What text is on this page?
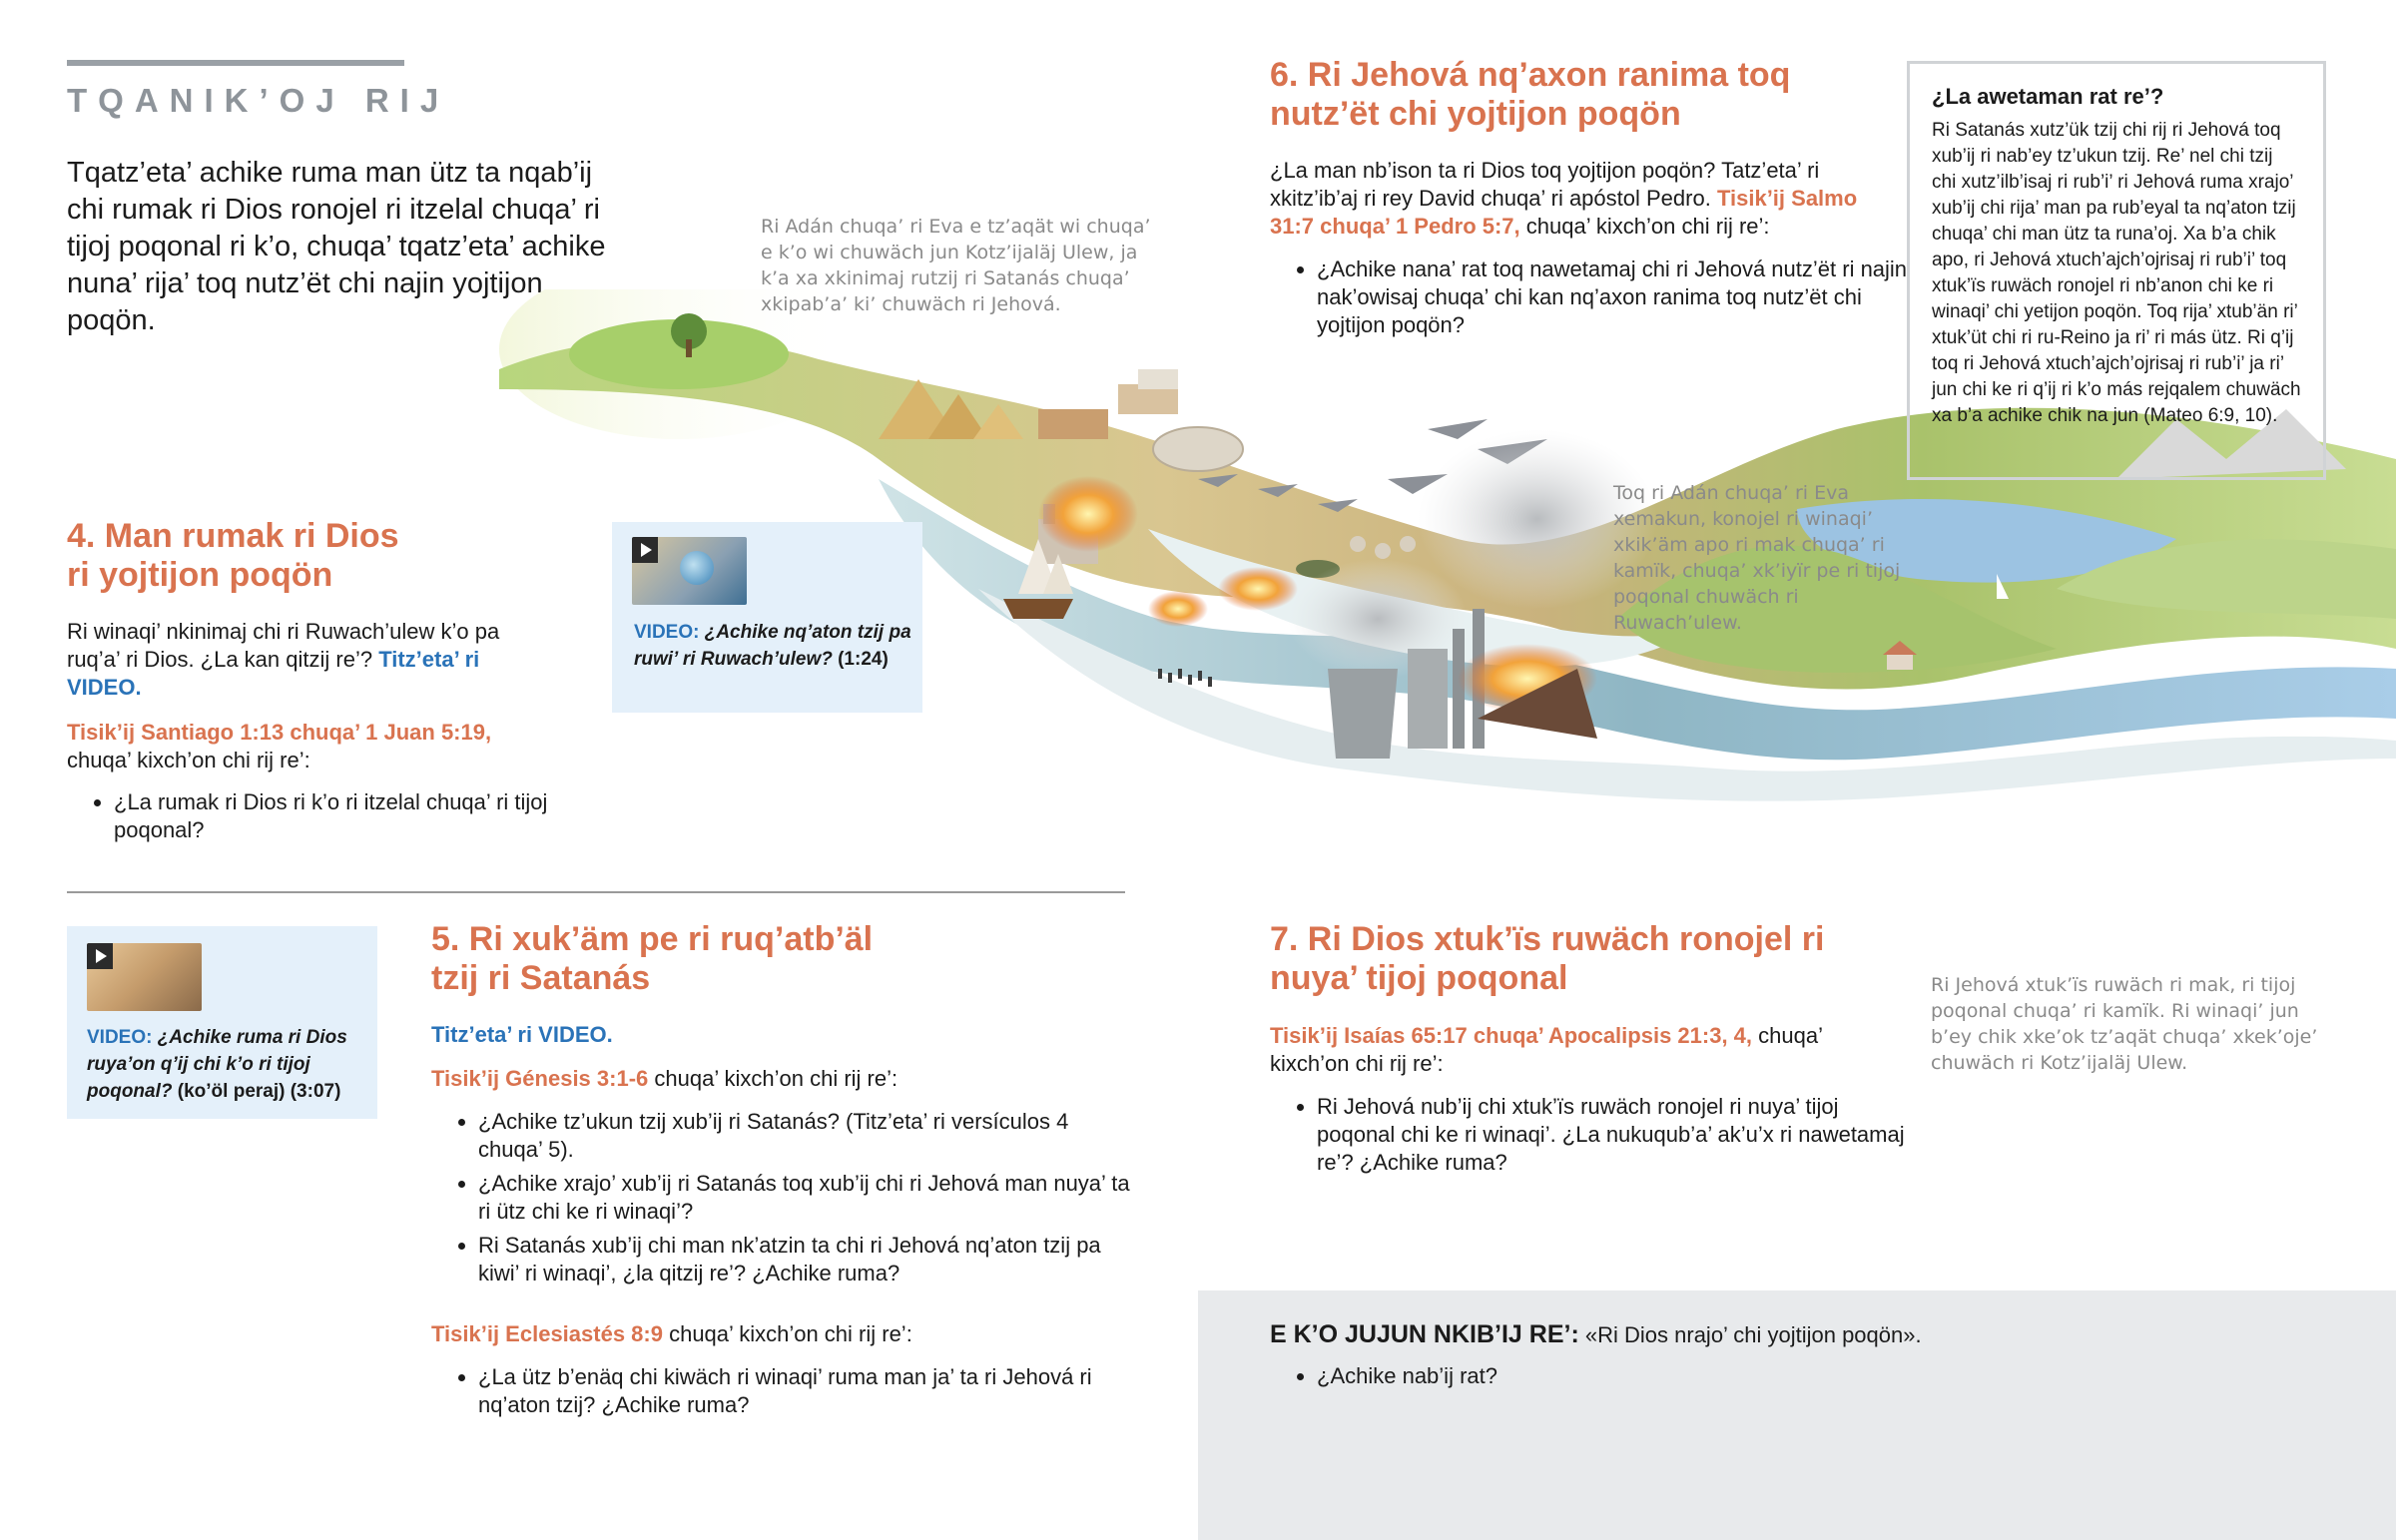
TQANIK’OJ RIJ
Tqatz’eta’ achike ruma man ütz ta nqab’ij chi rumak ri Dios ronojel ri itzelal chuqa’ ri tijoj poqonal ri k’o, chuqa’ tqatz’eta’ achike nuna’ rija’ toq nutz’ët chi najin yojtijon poqön.
Ri Adán chuqa’ ri Eva e tz’aqät wi chuqa’ e k’o wi chuwäch jun Kotz’ijaläj Ulew, ja k’a xa xkinimaj rutzij ri Satanás chuqa’ xkipab’a’ ki’ chuwäch ri Jehová.
Toq ri Adán chuqa’ ri Eva xemakun, konojel ri winaqi’ xkik’äm apo ri mak chuqa’ ri kamïk, chuqa’ xk’iyïr pe ri tijoj poqonal chuwäch ri Ruwach’ulew.
Ri Jehová xtuk’ïs ruwäch ri mak, ri tijoj poqonal chuqa’ ri kamïk. Ri winaqi’ jun b’ey chik xke’ok tz’aqät chuqa’ xkek’oje’ chuwäch ri Kotz’ijaläj Ulew.
4. Man rumak ri Dios
ri yojtijon poqön
Ri winaqi’ nkinimaj chi ri Ruwach’ulew k’o pa ruq’a’ ri Dios. ¿La kan qitzij re’? Titz’eta’ ri VIDEO.
Tisik’ij Santiago 1:13 chuqa’ 1 Juan 5:19,
chuqa’ kixch’on chi rij re’:
• ¿La rumak ri Dios ri k’o ri itzelal chuqa’ ri tijoj poqonal?
VIDEO: ¿Achike nq’aton tzij pa ruwi’ ri Ruwach’ulew? (1:24)
VIDEO: ¿Achike ruma ri Dios ruya’on q’ij chi k’o ri tijoj poqonal? (ko’öl peraj) (3:07)
5. Ri xuk’äm pe ri ruq’atb’äl
tzij ri Satanás
Titz’eta’ ri VIDEO.
Tisik’ij Génesis 3:1-6 chuqa’ kixch’on chi rij re’:
• ¿Achike tz’ukun tzij xub’ij ri Satanás? (Titz’eta’ ri versículos 4 chuqa’ 5).
• ¿Achike xrajo’ xub’ij ri Satanás toq xub’ij chi ri Jehová man nuya’ ta ri ütz chi ke ri winaqi’?
• Ri Satanás xub’ij chi man nk’atzin ta chi ri Jehová nq’aton tzij pa kiwi’ ri winaqi’, ¿la qitzij re’? ¿Achike ruma?
Tisik’ij Eclesiastés 8:9 chuqa’ kixch’on chi rij re’:
• ¿La ütz b’enäq chi kiwäch ri winaqi’ ruma man ja’ ta ri Jehová ri nq’aton tzij? ¿Achike ruma?
6. Ri Jehová nq’axon ranima toq
nutz’ët chi yojtijon poqön
¿La man nb’ison ta ri Dios toq yojtijon poqön? Tatz’eta’ ri xkitz’ib’aj ri rey David chuqa’ ri apóstol Pedro. Tisik’ij Salmo 31:7 chuqa’ 1 Pedro 5:7, chuqa’ kixch’on chi rij re’:
• ¿Achike nana’ rat toq nawetamaj chi ri Jehová nutz’ët ri najin nak’owisaj chuqa’ chi kan nq’axon ranima toq nutz’ët chi yojtijon poqön?
¿La awetaman rat re’?
Ri Satanás xutz’ük tzij chi rij ri Jehová toq xub’ij ri nab’ey tz’ukun tzij. Re’ nel chi tzij chi xutz’ilb’isaj ri rub’i’ ri Jehová ruma xrajo’ xub’ij chi rija’ man pa rub’eyal ta nq’aton tzij chuqa’ chi man ütz ta runa’oj. Xa b’a chik apo, ri Jehová xtuch’ajch’ojrisaj ri rub’i’ toq xtuk’ïs ruwäch ronojel ri nb’anon chi ke ri winaqi’ chi yetijon poqön. Toq rija’ xtub’än ri’ xtuk’üt chi ri ru-Reino ja ri’ ri más ütz. Ri q’ij toq ri Jehová xtuch’ajch’ojrisaj ri rub’i’ ja ri’ jun chi ke ri q’ij ri k’o más rejqalem chuwäch xa b’a achike chik na jun (Mateo 6:9, 10).
7. Ri Dios xtuk’ïs ruwäch ronojel ri
nuya’ tijoj poqonal
Tisik’ij Isaías 65:17 chuqa’ Apocalipsis 21:3, 4, chuqa’ kixch’on chi rij re’:
• Ri Jehová nub’ij chi xtuk’ïs ruwäch ronojel ri nuya’ tijoj poqonal chi ke ri winaqi’. ¿La nukuqub’a’ ak’u’x ri nawetamaj re’? ¿Achike ruma?
E K’O JUJUN NKIB’IJ RE’: «Ri Dios nrajo’ chi yojtijon poqön».
• ¿Achike nab’ij rat?
